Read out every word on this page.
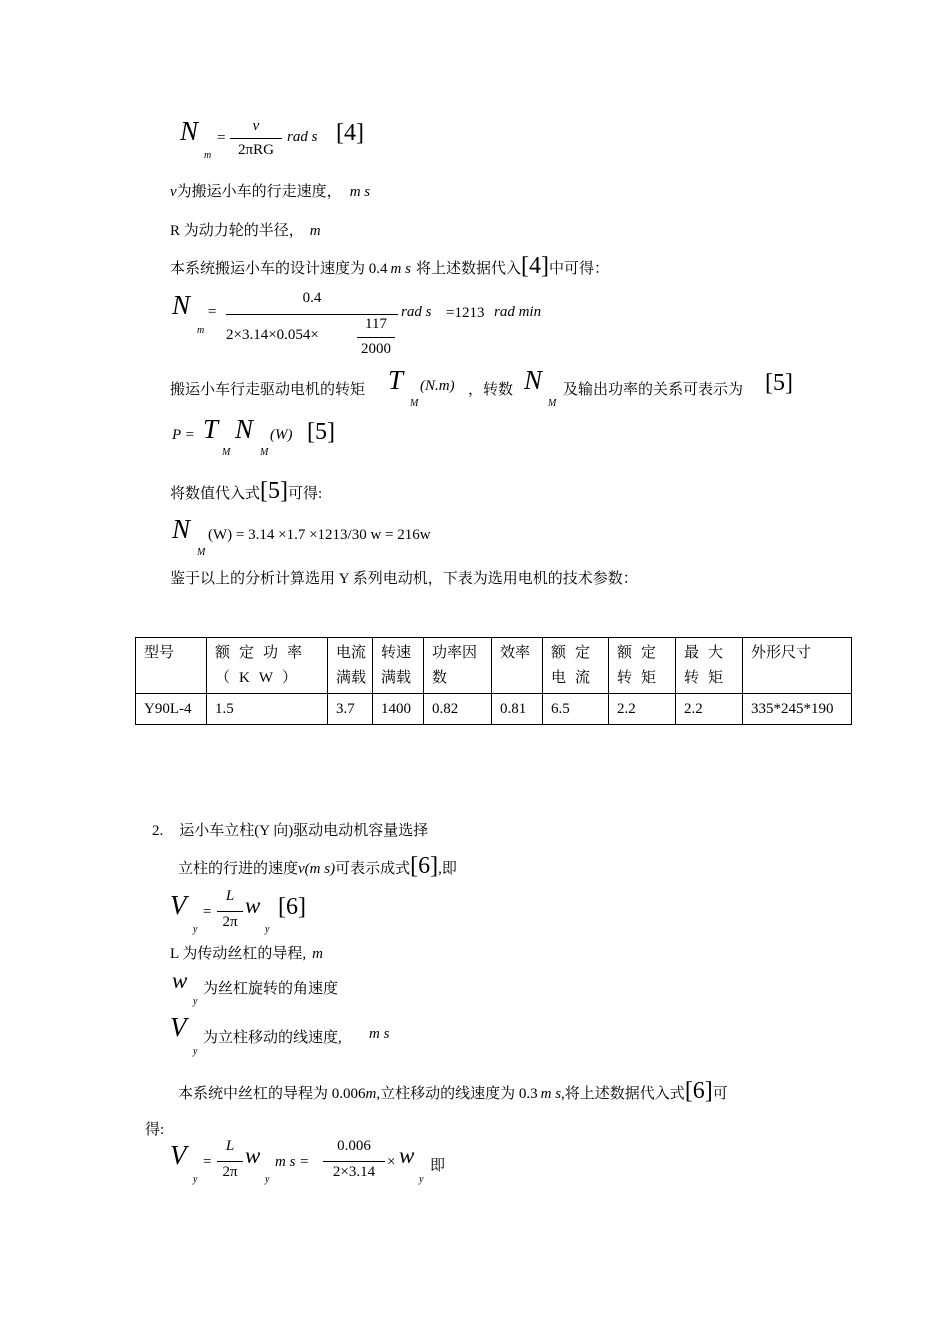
N
m
=
v
2πRG
rad s [4]
v为搬运小车的行走速度， m s
R 为动力轮的半径， m
本系统搬运小车的设计速度为 0.4 m s 将上述数据代入[4]中可得：
N
m
=
0.4
2×3.14×0.054×
117
2000
rad s =1213 rad min
搬运小车行走驱动电机的转矩 T
M
(N.m) ，转数 N
M
及输出功率的关系可表示为 [5]
P = T
M
N
M
(W) [5]
将数值代入式[5]可得:
N
M
(W) = 3.14 ×1.7 ×1213/30 w = 216w
鉴于以上的分析计算选用 Y 系列电动机，下表为选用电机的技术参数：
型号	额定功率（KW）	电流满载	转速满载	功率因数	效率	额定电流	额定转矩	最大转矩	外形尺寸
Y90L-4	1.5	3.7	1400	0.82	0.81	6.5	2.2	2.2	335*245*190
2. 运小车立柱(Y 向)驱动电动机容量选择
立柱的行进的速度v(m s)可表示成式[6],即
V
y
=
L
2π
w
y
[6]
L 为传动丝杠的导程, m
w
y
为丝杠旋转的角速度
V
y
为立柱移动的线速度, m s
本系统中丝杠的导程为 0.006m,立柱移动的线速度为 0.3 m s,将上述数据代入式[6]可
得:
V
y
=
L
2π
w
y
m s =
0.006
2×3.14
× w
y
即
